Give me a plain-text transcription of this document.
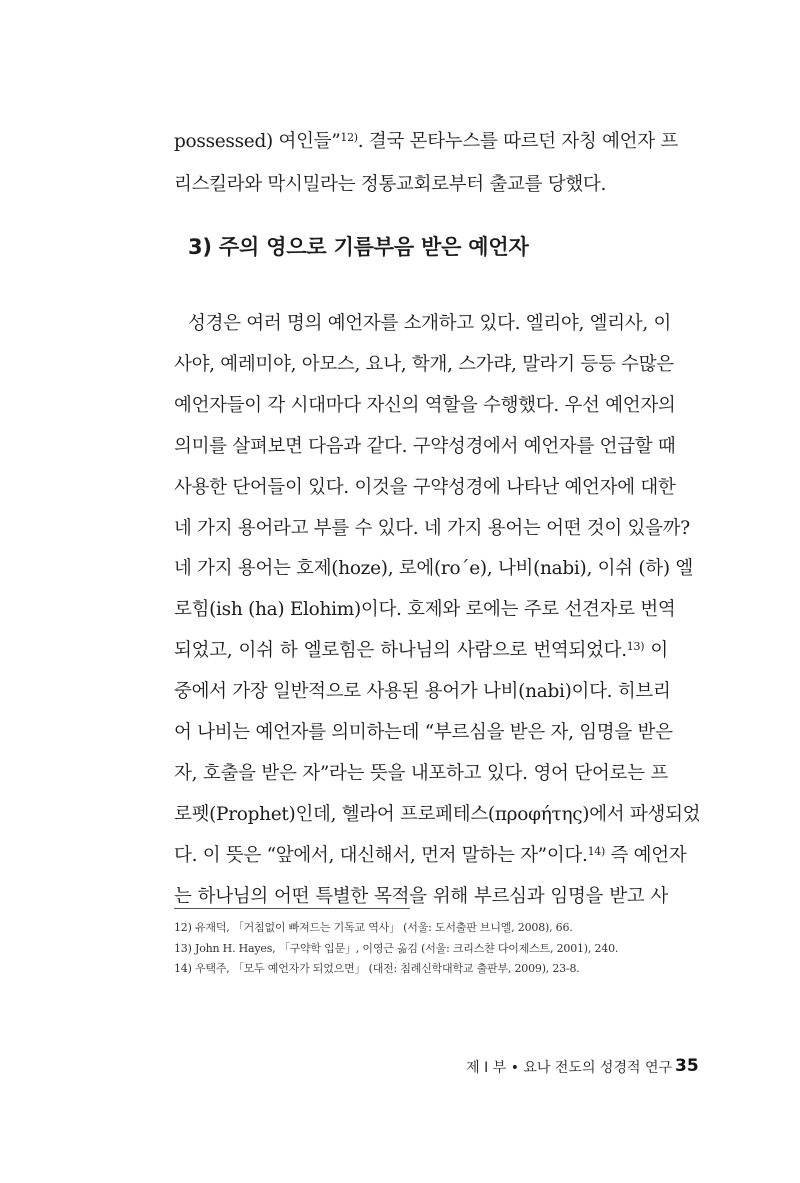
possessed) 여인들”$^{12)}$. 결국 몬타누스를 따르던 자칭 예언자 프
리스킬라와 막시밀라는 정통교회로부터 출교를 당했다.
3) 주의 영으로 기름부음 받은 예언자
성경은 여러 명의 예언자를 소개하고 있다. 엘리야, 엘리사, 이
사야, 예레미야, 아모스, 요나, 학개, 스가랴, 말라기 등등 수많은
예언자들이 각 시대마다 자신의 역할을 수행했다. 우선 예언자의
의미를 살펴보면 다음과 같다. 구약성경에서 예언자를 언급할 때
사용한 단어들이 있다. 이것을 구약성경에 나타난 예언자에 대한
네 가지 용어라고 부를 수 있다. 네 가지 용어는 어떤 것이 있을까?
네 가지 용어는 호제(hoze), 로에(ro΄e), 나비(nabi), 이쉬 (하) 엘
로힘(ish (ha) Elohim)이다. 호제와 로에는 주로 선견자로 번역
되었고, 이쉬 하 엘로힘은 하나님의 사람으로 번역되었다.$^{13)}$ 이
중에서 가장 일반적으로 사용된 용어가 나비(nabi)이다. 히브리
어 나비는 예언자를 의미하는데 “부르심을 받은 자, 임명을 받은
자, 호출을 받은 자”라는 뜻을 내포하고 있다. 영어 단어로는 프
로펫(Prophet)인데, 헬라어 프로페테스(προφήτης)에서 파생되었
다. 이 뜻은 “앞에서, 대신해서, 먼저 말하는 자”이다.$^{14)}$ 즉 예언자
는 하나님의 어떤 특별한 목적을 위해 부르심과 임명을 받고 사
12) 유재덕, 「거침없이 빠져드는 기독교 역사」 (서울: 도서출판 브니엘, 2008), 66.
13) John H. Hayes, 「구약학 입문」, 이영근 옮김 (서울: 크리스챤 다이제스트, 2001), 240.
14) 우택주, 「모두 예언자가 되었으면」 (대전: 침례신학대학교 출판부, 2009), 23-8.
제 I 부 • 요나 전도의 성경적 연구 35
